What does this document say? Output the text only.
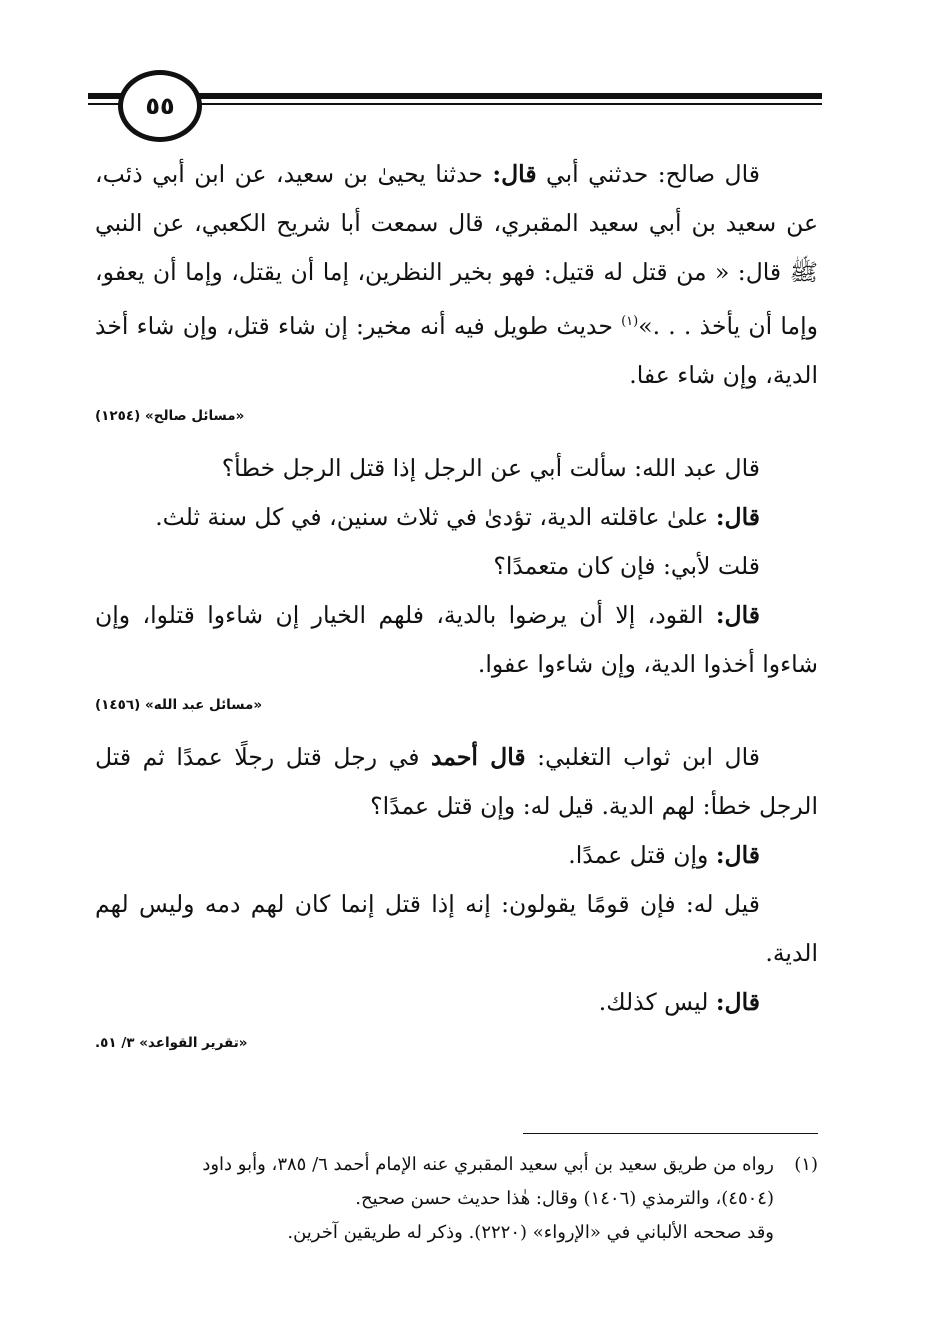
٥٥

قال صالح: حدثني أبي قال: حدثنا يحيىٰ بن سعيد، عن ابن أبي ذئب، عن سعيد بن أبي سعيد المقبري، قال سمعت أبا شريح الكعبي، عن النبي ﷺ قال: « من قتل له قتيل: فهو بخير النظرين، إما أن يقتل، وإما أن يعفو، وإما أن يأخذ . . .»$^{(١)}$ حديث طويل فيه أنه مخير: إن شاء قتل، وإن شاء أخذ الدية، وإن شاء عفا.

«مسائل صالح» (١٢٥٤)

قال عبد الله: سألت أبي عن الرجل إذا قتل الرجل خطأ؟

قال: علىٰ عاقلته الدية، تؤدىٰ في ثلاث سنين، في كل سنة ثلث.

قلت لأبي: فإن كان متعمدًا؟

قال: القود، إلا أن يرضوا بالدية، فلهم الخيار إن شاءوا قتلوا، وإن شاءوا أخذوا الدية، وإن شاءوا عفوا.

«مسائل عبد الله» (١٤٥٦)

قال ابن ثواب التغلبي: قال أحمد في رجل قتل رجلًا عمدًا ثم قتل الرجل خطأ: لهم الدية. قيل له: وإن قتل عمدًا؟

قال: وإن قتل عمدًا.

قيل له: فإن قومًا يقولون: إنه إذا قتل إنما كان لهم دمه وليس لهم الدية.

قال: ليس كذلك.

«تقرير القواعد» ٣/ ٥١.

(١)رواه من طريق سعيد بن أبي سعيد المقبري عنه الإمام أحمد ٦/ ٣٨٥، وأبو داود

(٤٥٠٤)، والترمذي (١٤٠٦) وقال: هٰذا حديث حسن صحيح.

وقد صححه الألباني في «الإرواء» (٢٢٢٠). وذكر له طريقين آخرين.
